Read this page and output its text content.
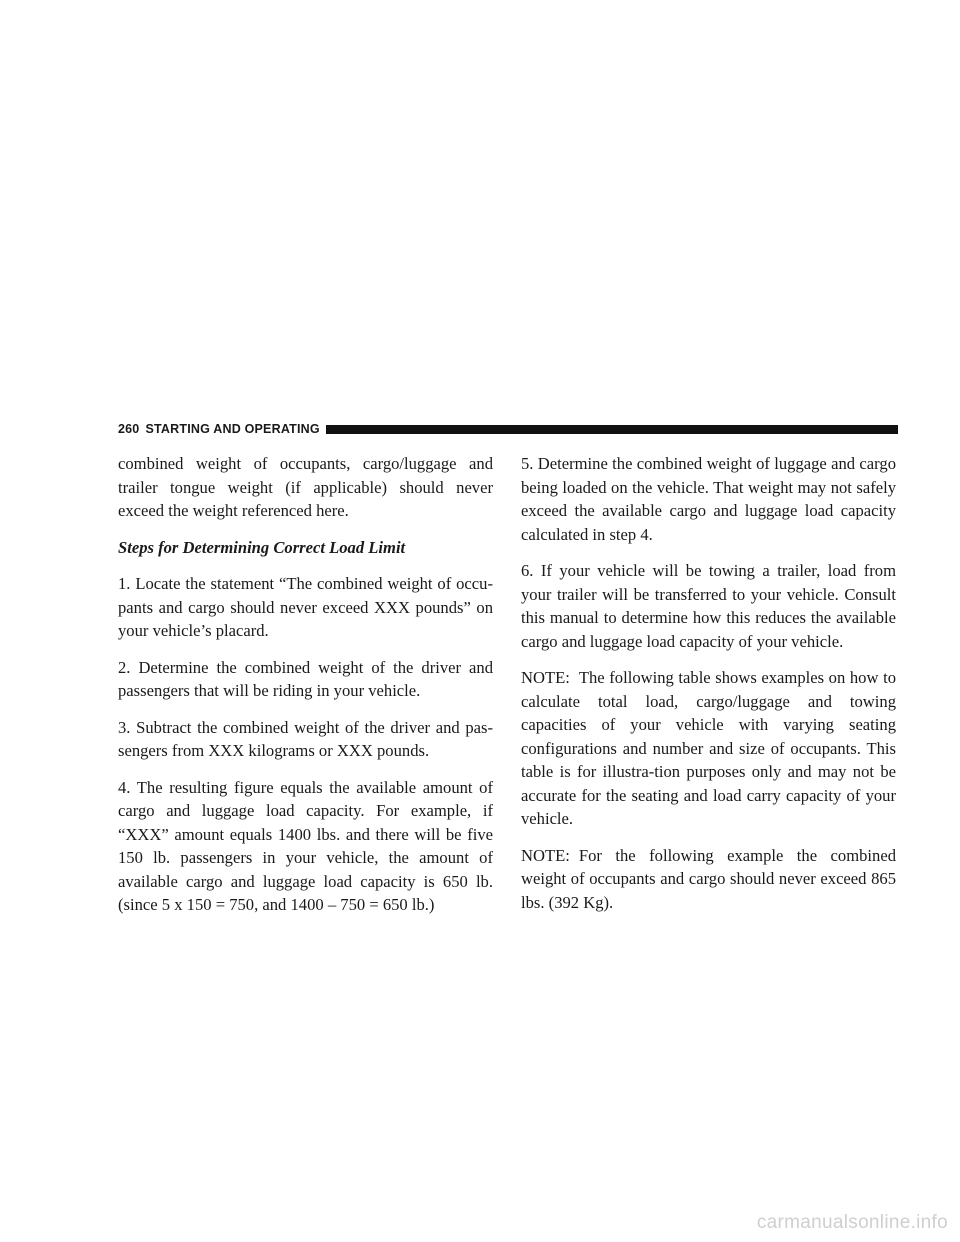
260 STARTING AND OPERATING

combined weight of occupants, cargo/luggage and trailer tongue weight (if applicable) should never exceed the weight referenced here.

Steps for Determining Correct Load Limit

1. Locate the statement “The combined weight of occu-pants and cargo should never exceed XXX pounds” on your vehicle’s placard.

2. Determine the combined weight of the driver and passengers that will be riding in your vehicle.

3. Subtract the combined weight of the driver and pas-sengers from XXX kilograms or XXX pounds.

4. The resulting figure equals the available amount of cargo and luggage load capacity. For example, if “XXX” amount equals 1400 lbs. and there will be five 150 lb. passengers in your vehicle, the amount of available cargo and luggage load capacity is 650 lb. (since 5 x 150 = 750, and 1400 – 750 = 650 lb.)

5. Determine the combined weight of luggage and cargo being loaded on the vehicle. That weight may not safely exceed the available cargo and luggage load capacity calculated in step 4.

6. If your vehicle will be towing a trailer, load from your trailer will be transferred to your vehicle. Consult this manual to determine how this reduces the available cargo and luggage load capacity of your vehicle.

NOTE: The following table shows examples on how to calculate total load, cargo/luggage and towing capacities of your vehicle with varying seating configurations and number and size of occupants. This table is for illustra-tion purposes only and may not be accurate for the seating and load carry capacity of your vehicle.

NOTE: For the following example the combined weight of occupants and cargo should never exceed 865 lbs. (392 Kg).

carmanualsonline.info
